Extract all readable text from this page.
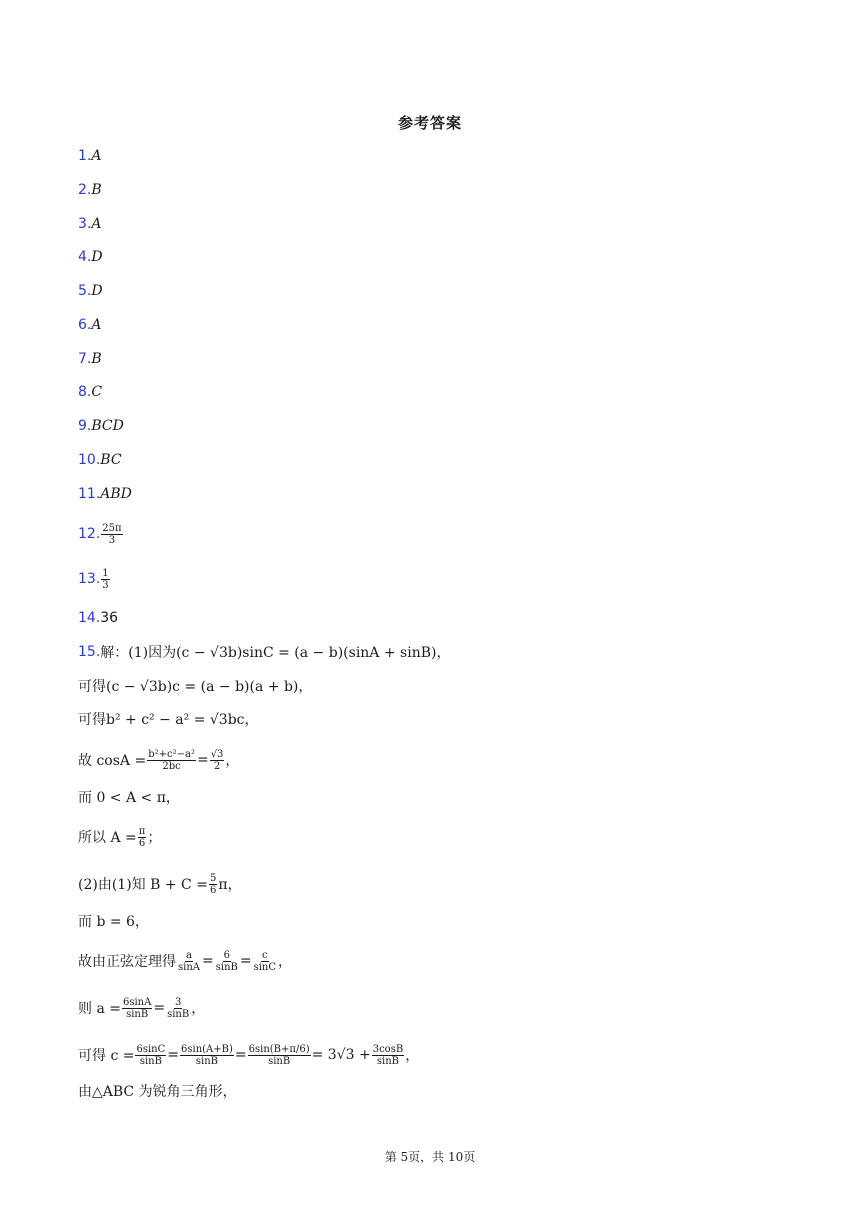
参考答案
1. A
2. B
3. A
4. D
5. D
6. A
7. B
8. C
9. BCD
10. BC
11. ABD
12. $\frac{25\pi}{3}$
13. $\frac{1}{3}$
14. 36
15. 解：(1)因为(c − √3b)sinC = (a − b)(sinA + sinB)，
可得(c − √3b)c = (a − b)(a + b)，
可得b² + c² − a² = √3bc，
故 $\cos A = \frac{\text{b²+c²−a²}}{2bc} = \frac{√3}{2}$ ，
而 0 < A < π，
所以 $A = \frac{\pi}{6}$ ；
(2)由(1)知 $B + C = \frac{5}{6}$ π，
而 b = 6，
故由正弦定理得 $\frac{a}{\sin A} = \frac{6}{\sin B} = \frac{c}{\sin C}$ ，
则 $a = \frac{6\sin A}{\sin B} = \frac{3}{\sin B}$ ，
可得 $c = \frac{6\sin C}{\sin B} = \frac{6\sin(A+B)}{\sin B} = \frac{6\sin(B+\pi/6)}{\sin B} = 3√3 + \frac{3\cos B}{\sin B}$ ，
由△ABC 为锐角三角形，
第 5页，共 10页
